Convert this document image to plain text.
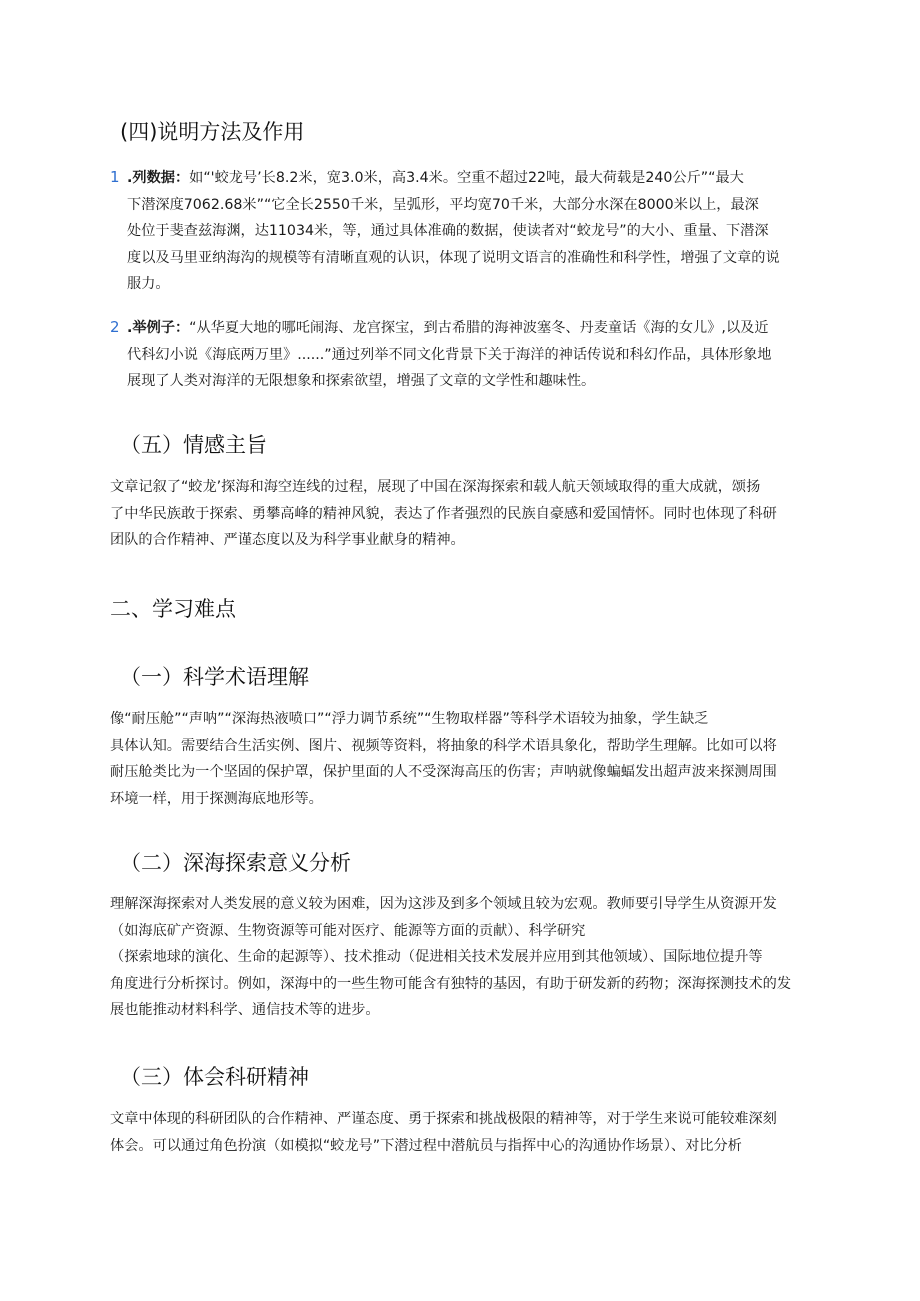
(四)说明方法及作用
1 .列数据：如“'蛟龙号’长8.2米，宽3.0米，高3.4米。空重不超过22吨，最大荷载是240公斤”“最大
下潜深度7062.68米”“它全长2550千米，呈弧形，平均宽70千米，大部分水深在8000米以上，最深
处位于斐查兹海渊，达11034米，等，通过具体准确的数据，使读者对“蛟龙号”的大小、重量、下潜深
度以及马里亚纳海沟的规模等有清晰直观的认识，体现了说明文语言的准确性和科学性，增强了文章的说
服力。
2 .举例子：“从华夏大地的哪吒闹海、龙宫探宝，到古希腊的海神波塞冬、丹麦童话《海的女儿》,以及近
代科幻小说《海底两万里》......”通过列举不同文化背景下关于海洋的神话传说和科幻作品，具体形象地
展现了人类对海洋的无限想象和探索欲望，增强了文章的文学性和趣味性。
（五）情感主旨
文章记叙了“蛟龙’探海和海空连线的过程，展现了中国在深海探索和载人航天领域取得的重大成就，颂扬
了中华民族敢于探索、勇攀高峰的精神风貌，表达了作者强烈的民族自豪感和爱国情怀。同时也体现了科研
团队的合作精神、严谨态度以及为科学事业献身的精神。
二、学习难点
（一）科学术语理解
像“耐压舱”“声呐”“深海热液喷口”“浮力调节系统”“生物取样器”等科学术语较为抽象，学生缺乏
具体认知。需要结合生活实例、图片、视频等资料，将抽象的科学术语具象化，帮助学生理解。比如可以将
耐压舱类比为一个坚固的保护罩，保护里面的人不受深海高压的伤害；声呐就像蝙蝠发出超声波来探测周围
环境一样，用于探测海底地形等。
（二）深海探索意义分析
理解深海探索对人类发展的意义较为困难，因为这涉及到多个领域且较为宏观。教师要引导学生从资源开发
（如海底矿产资源、生物资源等可能对医疗、能源等方面的贡献）、科学研究
（探索地球的演化、生命的起源等）、技术推动（促进相关技术发展并应用到其他领域）、国际地位提升等
角度进行分析探讨。例如，深海中的一些生物可能含有独特的基因，有助于研发新的药物；深海探测技术的发
展也能推动材料科学、通信技术等的进步。
（三）体会科研精神
文章中体现的科研团队的合作精神、严谨态度、勇于探索和挑战极限的精神等，对于学生来说可能较难深刻
体会。可以通过角色扮演（如模拟“蛟龙号”下潜过程中潜航员与指挥中心的沟通协作场景）、对比分析
